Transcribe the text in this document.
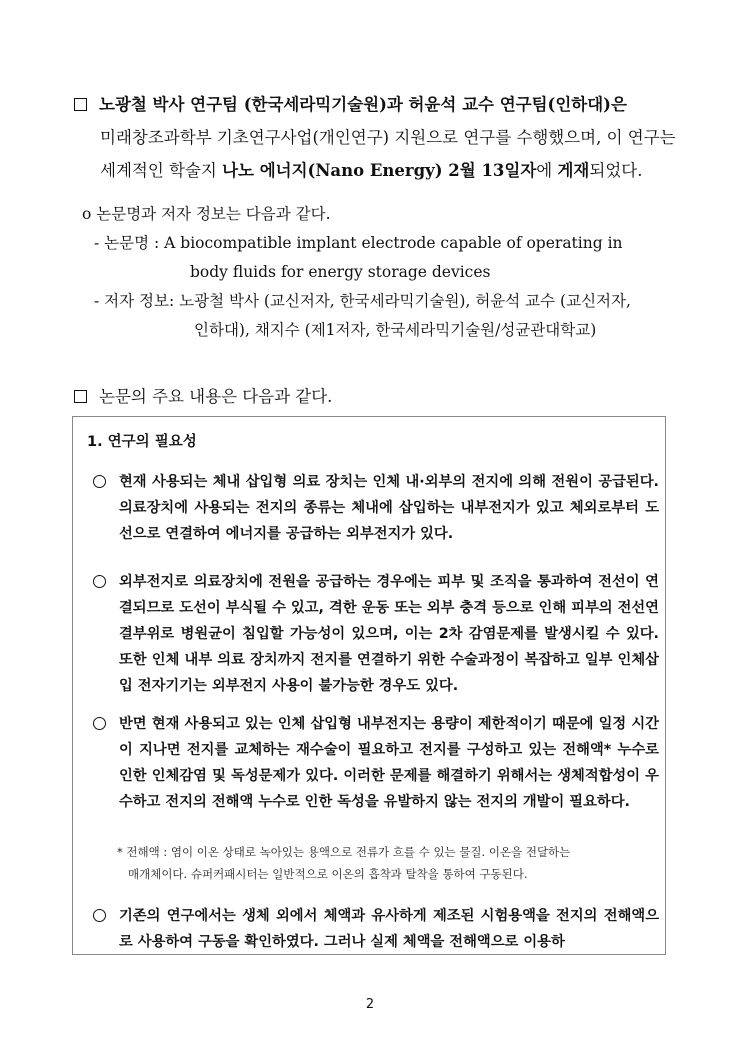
노광철 박사 연구팀 (한국세라믹기술원)과 허윤석 교수 연구팀(인하대)은
미래창조과학부 기초연구사업(개인연구) 지원으로 연구를 수행했으며, 이 연구는
세계적인 학술지 나노 에너지(Nano Energy) 2월 13일자에 게재되었다.
o 논문명과 저자 정보는 다음과 같다.
- 논문명 : A biocompatible implant electrode capable of operating in
body fluids for energy storage devices
- 저자 정보: 노광철 박사 (교신저자, 한국세라믹기술원), 허윤석 교수 (교신저자,
인하대), 채지수 (제1저자, 한국세라믹기술원/성균관대학교)
논문의 주요 내용은 다음과 같다.
1. 연구의 필요성
현재 사용되는 체내 삽입형 의료 장치는 인체 내·외부의 전지에 의해 전원이 공급된다. 의료장치에 사용되는 전지의 종류는 체내에 삽입하는 내부전지가 있고 체외로부터 도선으로 연결하여 에너지를 공급하는 외부전지가 있다.
외부전지로 의료장치에 전원을 공급하는 경우에는 피부 및 조직을 통과하여 전선이 연결되므로 도선이 부식될 수 있고, 격한 운동 또는 외부 충격 등으로 인해 피부의 전선연결부위로 병원균이 침입할 가능성이 있으며, 이는 2차 감염문제를 발생시킬 수 있다. 또한 인체 내부 의료 장치까지 전지를 연결하기 위한 수술과정이 복잡하고 일부 인체삽입 전자기기는 외부전지 사용이 불가능한 경우도 있다.
반면 현재 사용되고 있는 인체 삽입형 내부전지는 용량이 제한적이기 때문에 일정 시간이 지나면 전지를 교체하는 재수술이 필요하고 전지를 구성하고 있는 전해액* 누수로 인한 인체감염 및 독성문제가 있다. 이러한 문제를 해결하기 위해서는 생체적합성이 우수하고 전지의 전해액 누수로 인한 독성을 유발하지 않는 전지의 개발이 필요하다.
* 전해액 : 염이 이온 상태로 녹아있는 용액으로 전류가 흐를 수 있는 물질. 이온을 전달하는
매개체이다. 슈퍼커패시터는 일반적으로 이온의 흡착과 탈착을 통하여 구동된다.
기존의 연구에서는 생체 외에서 체액과 유사하게 제조된 시험용액을 전지의 전해액으로 사용하여 구동을 확인하였다. 그러나 실제 체액을 전해액으로 이용하
2
